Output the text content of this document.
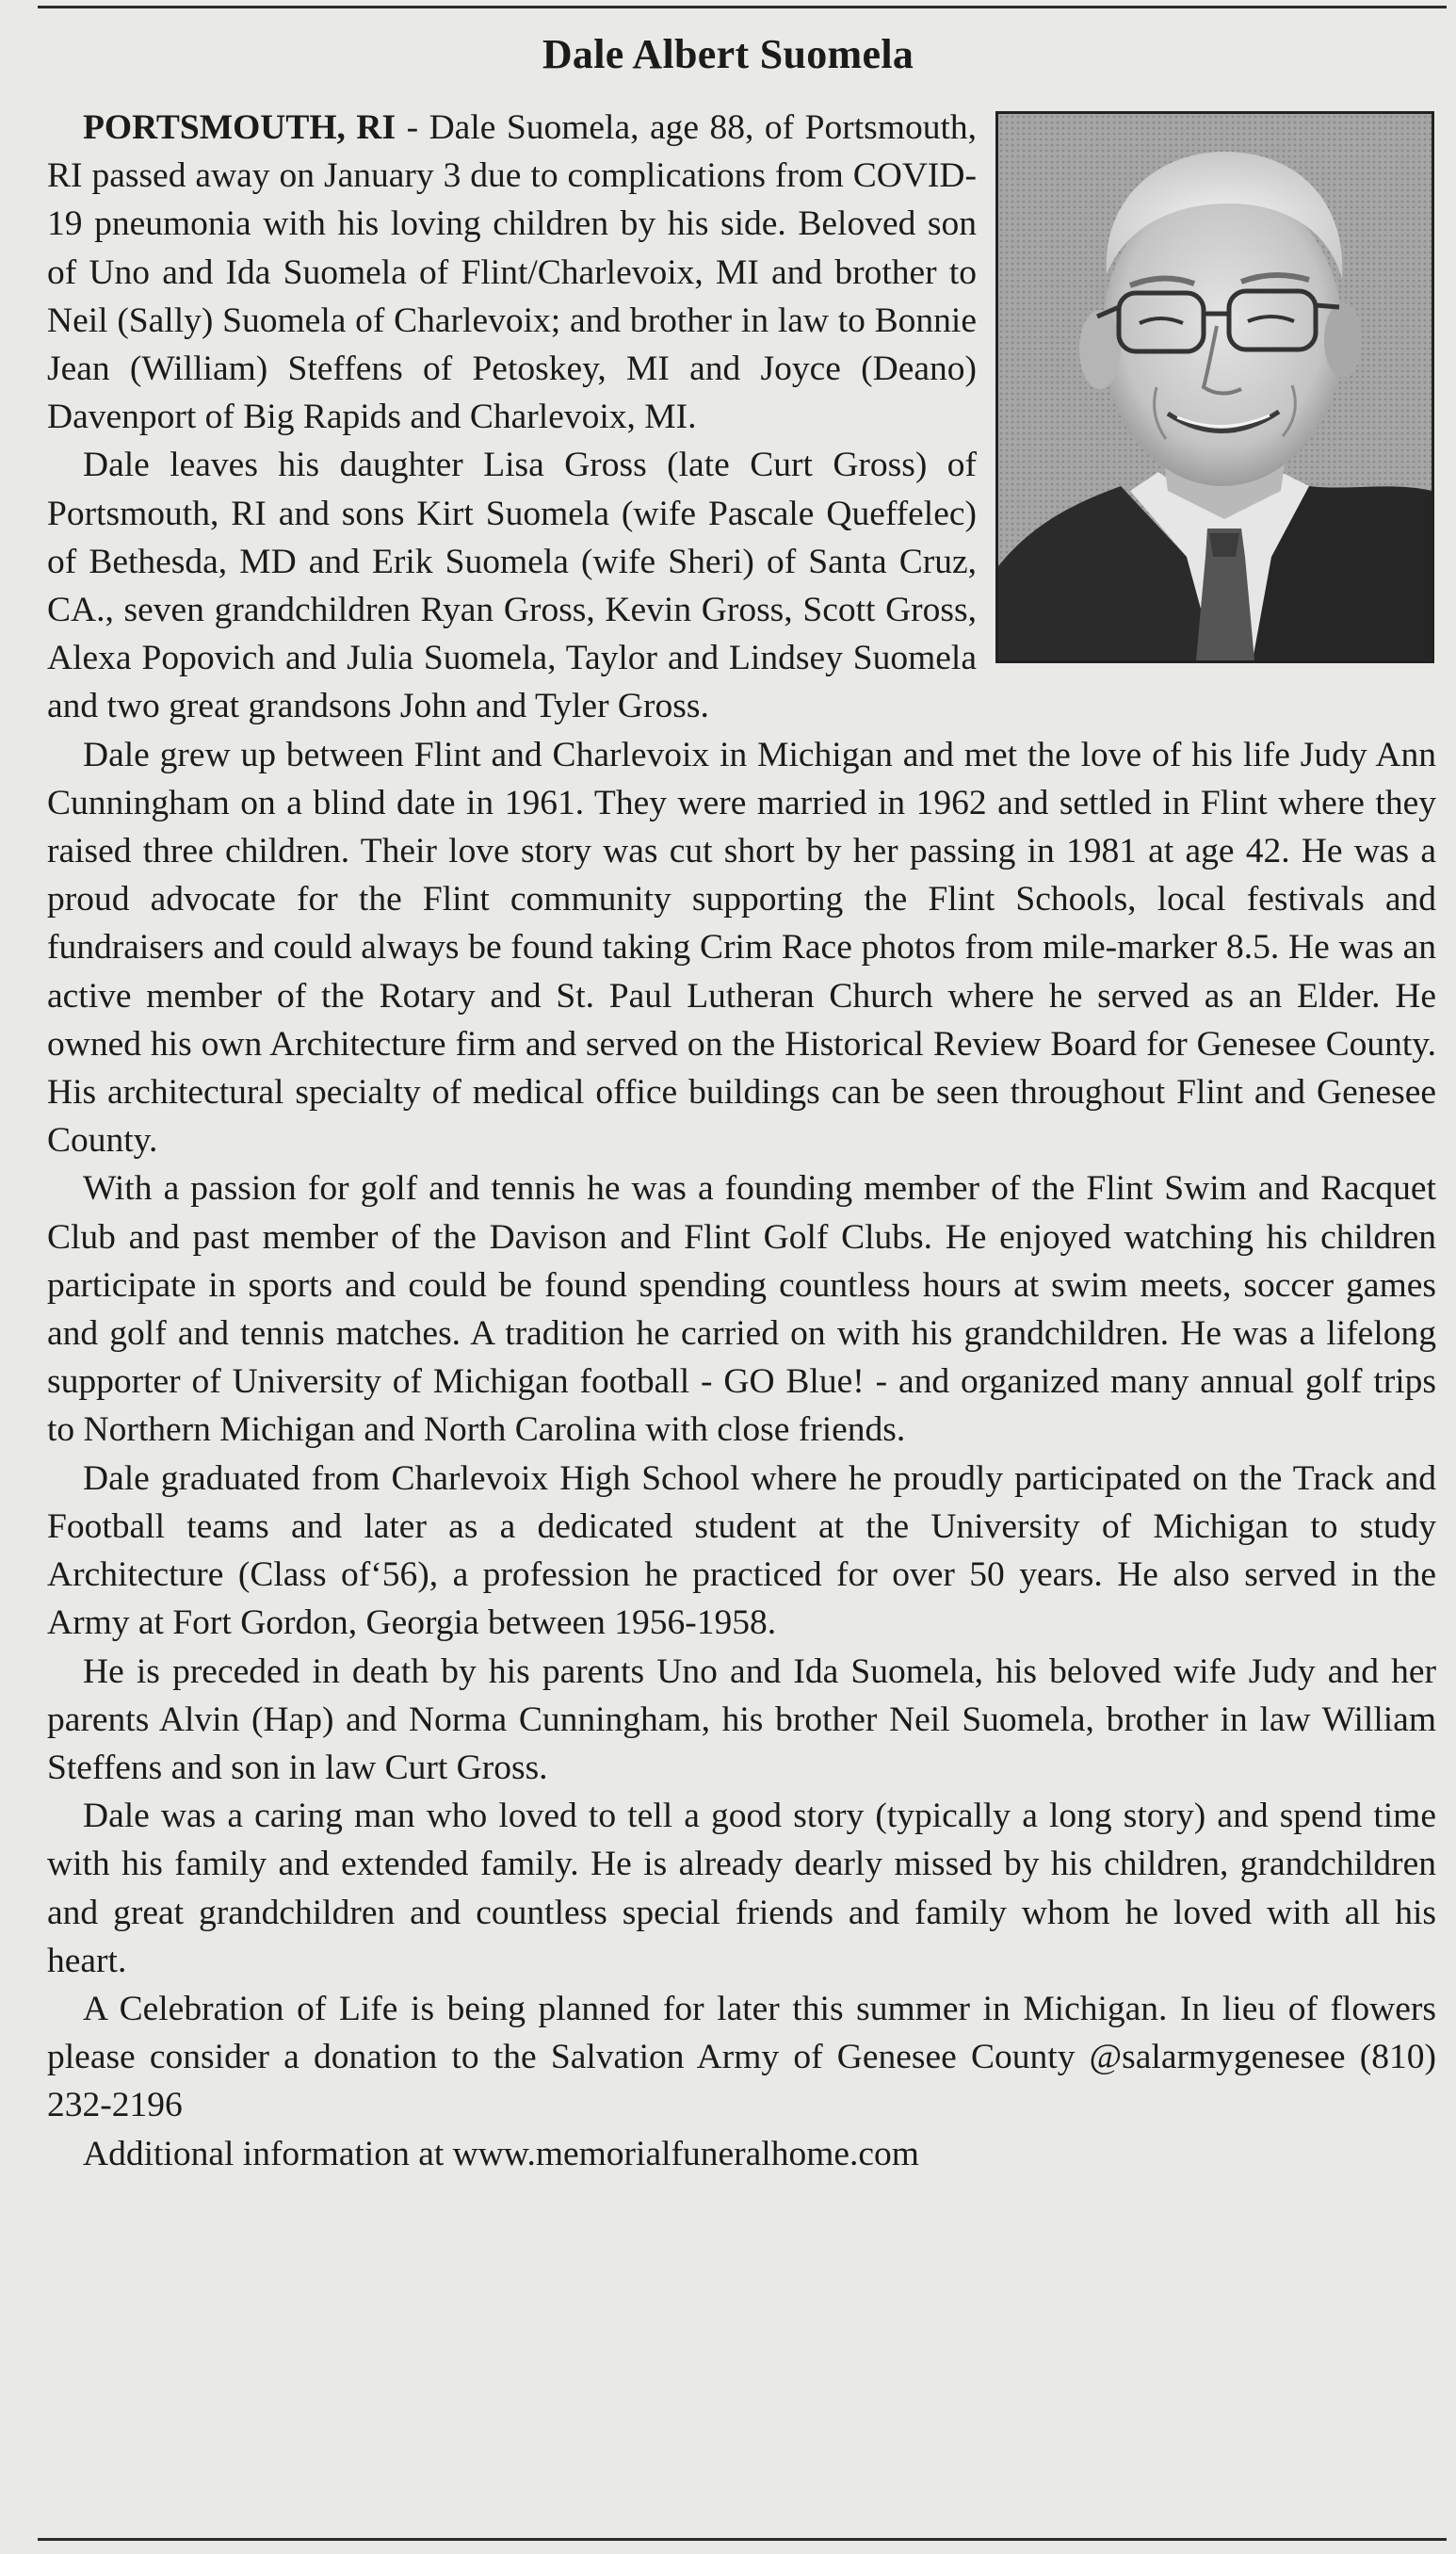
Dale Albert Suomela

PORTSMOUTH, RI - Dale Suomela, age 88, of Portsmouth, RI passed away on January 3 due to complications from COVID-19 pneumonia with his loving children by his side. Beloved son of Uno and Ida Suomela of Flint/Charlevoix, MI and brother to Neil (Sally) Suomela of Charlevoix; and brother in law to Bonnie Jean (William) Steffens of Petoskey, MI and Joyce (Deano) Davenport of Big Rapids and Charlevoix, MI.

Dale leaves his daughter Lisa Gross (late Curt Gross) of Portsmouth, RI and sons Kirt Suomela (wife Pascale Queffelec) of Bethesda, MD and Erik Suomela (wife Sheri) of Santa Cruz, CA., seven grandchildren Ryan Gross, Kevin Gross, Scott Gross, Alexa Popovich and Julia Suomela, Taylor and Lindsey Suomela and two great grandsons John and Tyler Gross.

Dale grew up between Flint and Charlevoix in Michigan and met the love of his life Judy Ann Cunningham on a blind date in 1961. They were married in 1962 and settled in Flint where they raised three children. Their love story was cut short by her passing in 1981 at age 42. He was a proud advocate for the Flint community supporting the Flint Schools, local festivals and fundraisers and could always be found taking Crim Race photos from mile-marker 8.5. He was an active member of the Rotary and St. Paul Lutheran Church where he served as an Elder. He owned his own Architecture firm and served on the Historical Review Board for Genesee County. His architectural specialty of medical office buildings can be seen throughout Flint and Genesee County.

With a passion for golf and tennis he was a founding member of the Flint Swim and Racquet Club and past member of the Davison and Flint Golf Clubs. He enjoyed watching his children participate in sports and could be found spending countless hours at swim meets, soccer games and golf and tennis matches. A tradition he carried on with his grandchildren. He was a lifelong supporter of University of Michigan football - GO Blue! - and organized many annual golf trips to Northern Michigan and North Carolina with close friends.

Dale graduated from Charlevoix High School where he proudly participated on the Track and Football teams and later as a dedicated student at the University of Michigan to study Architecture (Class of‘56), a profession he practiced for over 50 years. He also served in the Army at Fort Gordon, Georgia between 1956-1958.

He is preceded in death by his parents Uno and Ida Suomela, his beloved wife Judy and her parents Alvin (Hap) and Norma Cunningham, his brother Neil Suomela, brother in law William Steffens and son in law Curt Gross.

Dale was a caring man who loved to tell a good story (typically a long story) and spend time with his family and extended family. He is already dearly missed by his children, grandchildren and great grandchildren and countless special friends and family whom he loved with all his heart.

A Celebration of Life is being planned for later this summer in Michigan. In lieu of flowers please consider a donation to the Salvation Army of Genesee County @salarmygenesee (810) 232-2196

Additional information at www.memorialfuneralhome.com
